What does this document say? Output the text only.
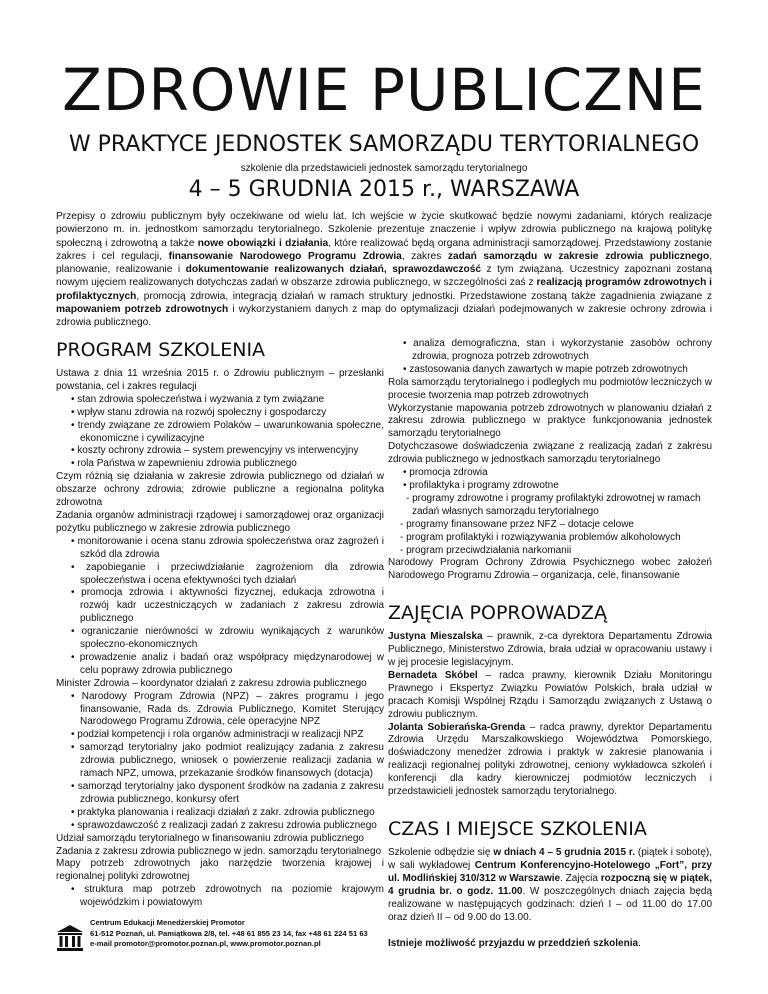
ZDROWIE PUBLICZNE
W PRAKTYCE JEDNOSTEK SAMORZĄDU TERYTORIALNEGO
szkolenie dla przedstawicieli jednostek samorządu terytorialnego
4 – 5 GRUDNIA 2015 r., WARSZAWA
Przepisy o zdrowiu publicznym były oczekiwane od wielu lat. Ich wejście w życie skutkować będzie nowymi zadaniami, których realizacje powierzono m. in. jednostkom samorządu terytorialnego. Szkolenie prezentuje znaczenie i wpływ zdrowia publicznego na krajową politykę społeczną i zdrowotną a także nowe obowiązki i działania, które realizować będą organa administracji samorządowej. Przedstawiony zostanie zakres i cel regulacji, finansowanie Narodowego Programu Zdrowia, zakres zadań samorządu w zakresie zdrowia publicznego, planowanie, realizowanie i dokumentowanie realizowanych działań, sprawozdawczość z tym związaną. Uczestnicy zapoznani zostaną nowym ujęciem realizowanych dotychczas zadań w obszarze zdrowia publicznego, w szczególności zaś z realizacją programów zdrowotnych i profilaktycznych, promocją zdrowia, integracją działań w ramach struktury jednostki. Przedstawione zostaną także zagadnienia związane z mapowaniem potrzeb zdrowotnych i wykorzystaniem danych z map do optymalizacji działań podejmowanych w zakresie ochrony zdrowia i zdrowia publicznego.
PROGRAM SZKOLENIA

Ustawa z dnia 11 września 2015 r. o Zdrowiu publicznym – przesłanki powstania, cel i zakres regulacji

• stan zdrowia społeczeństwa i wyzwania z tym związane
• wpływ stanu zdrowia na rozwój społeczny i gospodarczy
• trendy związane ze zdrowiem Polaków – uwarunkowania społeczne, ekonomiczne i cywilizacyjne
• koszty ochrony zdrowia – system prewencyjny vs interwencyjny
• rola Państwa w zapewnieniu zdrowia publicznego

Czym różnią się działania w zakresie zdrowia publicznego od działań w obszarze ochrony zdrowia; zdrowie publiczne a regionalna polityka zdrowotna

Zadania organów administracji rządowej i samorządowej oraz organizacji pożytku publicznego w zakresie zdrowia publicznego

• monitorowanie i ocena stanu zdrowia społeczeństwa oraz zagrożeń i szkód dla zdrowia
• zapobieganie i przeciwdziałanie zagrożeniom dla zdrowia społeczeństwa i ocena efektywności tych działań
• promocja zdrowia i aktywności fizycznej, edukacja zdrowotna i rozwój kadr uczestniczących w zadaniach z zakresu zdrowia publicznego
• ograniczanie nierówności w zdrowiu wynikających z warunków społeczno-ekonomicznych
• prowadzenie analiz i badań oraz współpracy międzynarodowej w celu poprawy zdrowia publicznego

Minister Zdrowia – koordynator działań z zakresu zdrowia publicznego

• Narodowy Program Zdrowia (NPZ) – zakres programu i jego finansowanie, Rada ds. Zdrowia Publicznego, Komitet Sterujący Narodowego Programu Zdrowia, cele operacyjne NPZ
• podział kompetencji i rola organów administracji w realizacji NPZ
• samorząd terytorialny jako podmiot realizujący zadania z zakresu zdrowia publicznego, wniosek o powierzenie realizacji zadania w ramach NPZ, umowa, przekazanie środków finansowych (dotacja)
• samorząd terytorialny jako dysponent środków na zadania z zakresu zdrowia publicznego, konkursy ofert
• praktyka planowania i realizacji działań z zakr. zdrowia publicznego
• sprawozdawczość z realizacji zadań z zakresu zdrowia publicznego

Udział samorządu terytorialnego w finansowaniu zdrowia publicznego

Zadania z zakresu zdrowia publicznego w jedn. samorządu terytorialnego

Mapy potrzeb zdrowotnych jako narzędzie tworzenia krajowej i regionalnej polityki zdrowotnej

• struktura map potrzeb zdrowotnych na poziomie krajowym wojewódzkim i powiatowym
• analiza demograficzna, stan i wykorzystanie zasobów ochrony zdrowia, prognoza potrzeb zdrowotnych
• zastosowania danych zawartych w mapie potrzeb zdrowotnych

Rola samorządu terytorialnego i podległych mu podmiotów leczniczych w procesie tworzenia map potrzeb zdrowotnych

Wykorzystanie mapowania potrzeb zdrowotnych w planowaniu działań z zakresu zdrowia publicznego w praktyce funkcjonowania jednostek samorządu terytorialnego

Dotychczasowe doświadczenia związane z realizacją zadań z zakresu zdrowia publicznego w jednostkach samorządu terytorialnego

• promocja zdrowia
• profilaktyka i programy zdrowotne
- programy zdrowotne i programy profilaktyki zdrowotnej w ramach zadań własnych samorządu terytorialnego
- programy finansowane przez NFZ – dotacje celowe
- program profilaktyki i rozwiązywania problemów alkoholowych
- program przeciwdziałania narkomanii

Narodowy Program Ochrony Zdrowia Psychicznego wobec założeń Narodowego Programu Zdrowia – organizacja, cele, finansowanie

ZAJĘCIA POPROWADZĄ

Justyna Mieszalska – prawnik, z-ca dyrektora Departamentu Zdrowia Publicznego, Ministerstwo Zdrowia, brała udział w opracowaniu ustawy i w jej procesie legislacyjnym.

Bernadeta Skóbel – radca prawny, kierownik Działu Monitoringu Prawnego i Ekspertyz Związku Powiatów Polskich, brała udział w pracach Komisji Wspólnej Rządu i Samorządu związanych z Ustawą o zdrowiu publicznym.

Jolanta Sobierańska-Grenda – radca prawny, dyrektor Departamentu Zdrowia Urzędu Marszałkowskiego Województwa Pomorskiego, doświadczony menedżer zdrowia i praktyk w zakresie planowania i realizacji regionalnej polityki zdrowotnej, ceniony wykładowca szkoleń i konferencji dla kadry kierowniczej podmiotów leczniczych i przedstawicieli jednostek samorządu terytorialnego.

CZAS I MIEJSCE SZKOLENIA

Szkolenie odbędzie się w dniach 4 – 5 grudnia 2015 r. (piątek i sobotę), w sali wykładowej Centrum Konferencyjno-Hotelowego „Fort”, przy ul. Modlińskiej 310/312 w Warszawie. Zajęcia rozpoczną się w piątek, 4 grudnia br. o godz. 11.00. W poszczególnych dniach zajęcia będą realizowane w następujących godzinach: dzień I – od 11.00 do 17.00 oraz dzień II – od 9.00 do 13.00.

Istnieje możliwość przyjazdu w przeddzień szkolenia.

Centrum Edukacji Menedżerskiej Promotor
61-512 Poznań, ul. Pamiątkowa 2/8, tel. +48 61 855 23 14, fax +48 61 224 51 63
e-mail promotor@promotor.poznan.pl, www.promotor.poznan.pl
